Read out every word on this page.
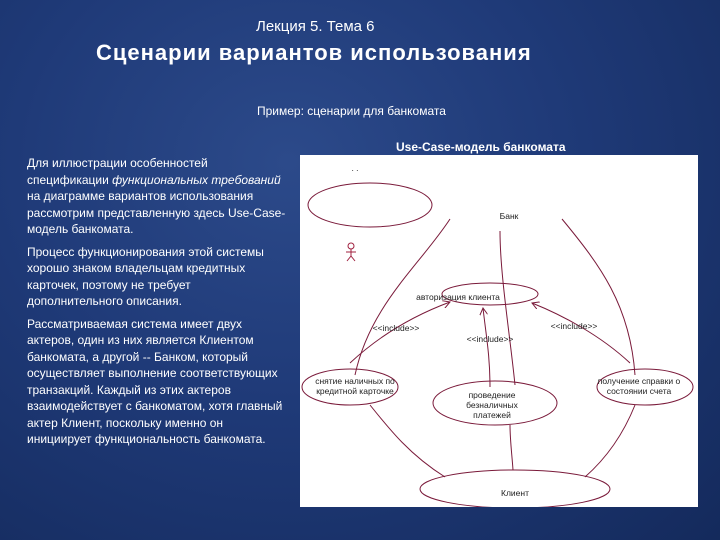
Лекция 5. Тема 6
Сценарии вариантов использования
Пример: сценарии для банкомата
Use-Case-модель банкомата

Для иллюстрации особенностей спецификации функциональных требований на диаграмме вариантов использования рассмотрим представленную здесь Use-Case-модель банкомата.

Процесс функционирования этой системы хорошо знаком владельцам кредитных карточек, поэтому не требует дополнительного описания.

Рассматриваемая система имеет двух актеров, один из них является Клиентом банкомата, а другой -- Банком, который осуществляет выполнение соответствующих транзакций. Каждый из этих актеров взаимодействует с банкоматом, хотя главный актер Клиент, поскольку именно он инициирует функциональность банкомата.

. .
Банк
авторизация клиента
<<include>>
<<include>>
<<include>>
снятие наличных по кредитной карточке	проведение безналичных платежей
получение справки о состоянии счета
Клиент
